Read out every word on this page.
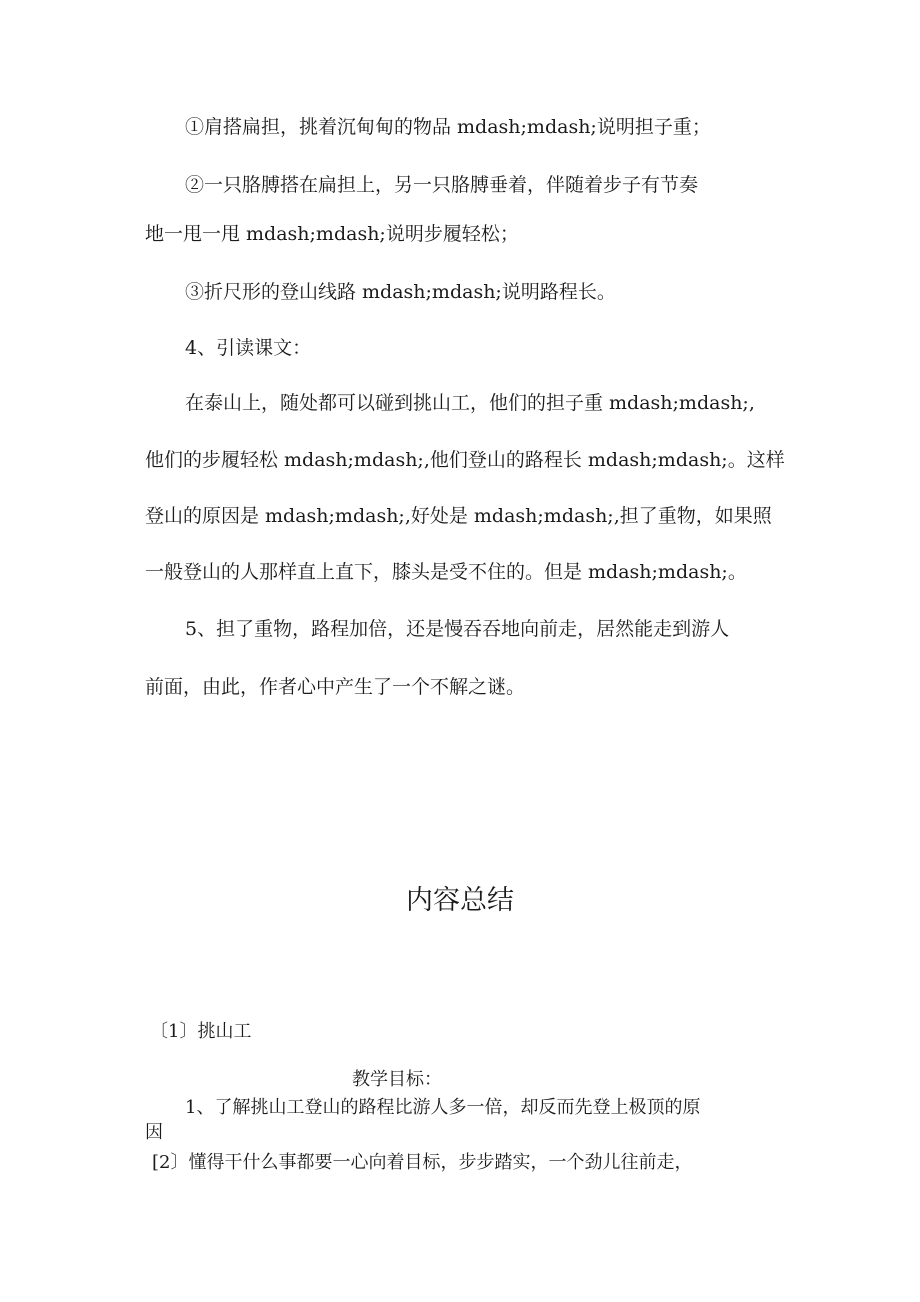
①肩搭扁担，挑着沉甸甸的物品 mdash;mdash;说明担子重；

②一只胳膊搭在扁担上，另一只胳膊垂着，伴随着步子有节奏

地一甩一甩 mdash;mdash;说明步履轻松；

③折尺形的登山线路 mdash;mdash;说明路程长。

4、引读课文：

在泰山上，随处都可以碰到挑山工，他们的担子重 mdash;mdash;,

他们的步履轻松 mdash;mdash;,他们登山的路程长 mdash;mdash;。这样

登山的原因是 mdash;mdash;,好处是 mdash;mdash;,担了重物，如果照

一般登山的人那样直上直下，膝头是受不住的。但是 mdash;mdash;。

5、担了重物，路程加倍，还是慢吞吞地向前走，居然能走到游人

前面，由此，作者心中产生了一个不解之谜。

内容总结

〔1〕挑山工

教学目标：

1、了解挑山工登山的路程比游人多一倍，却反而先登上极顶的原

因

[2〕懂得干什么事都要一心向着目标，步步踏实，一个劲儿往前走，
